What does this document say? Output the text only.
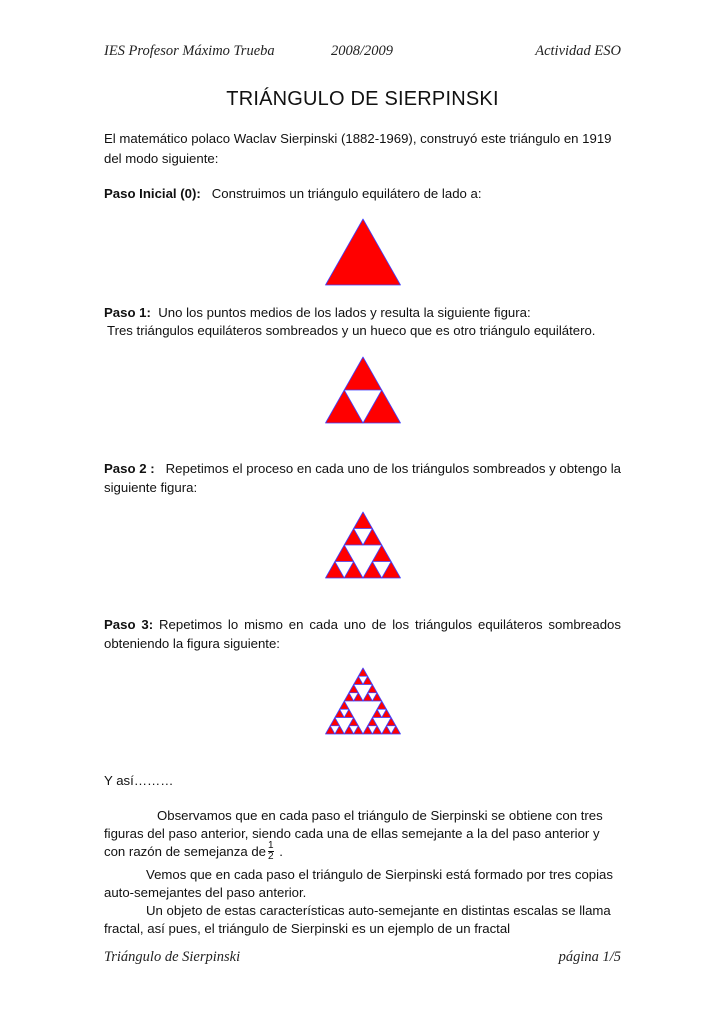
IES Profesor Máximo Trueba	2008/2009	Actividad ESO
TRIÁNGULO DE SIERPINSKI
El matemático polaco Waclav Sierpinski (1882-1969), construyó este triángulo en 1919
del modo siguiente:
Paso Inicial (0): Construimos un triángulo equilátero de lado a:
Paso 1: Uno los puntos medios de los lados y resulta la siguiente figura:
Tres triángulos equiláteros sombreados y un hueco que es otro triángulo equilátero.
Paso 2 : Repetimos el proceso en cada uno de los triángulos sombreados y obtengo la
siguiente figura:
Paso 3: Repetimos lo mismo en cada uno de los triángulos equiláteros sombreados
obteniendo la figura siguiente:
Y así………
Observamos que en cada paso el triángulo de Sierpinski se obtiene con tres
figuras del paso anterior, siendo cada una de ellas semejante a la del paso anterior y
con razón de semejanza de $\frac{1}{2}$ .
Vemos que en cada paso el triángulo de Sierpinski está formado por tres copias
auto-semejantes del paso anterior.
Un objeto de estas características auto-semejante en distintas escalas se llama
fractal, así pues, el triángulo de Sierpinski es un ejemplo de un fractal
Triángulo de Sierpinski	página 1/5
